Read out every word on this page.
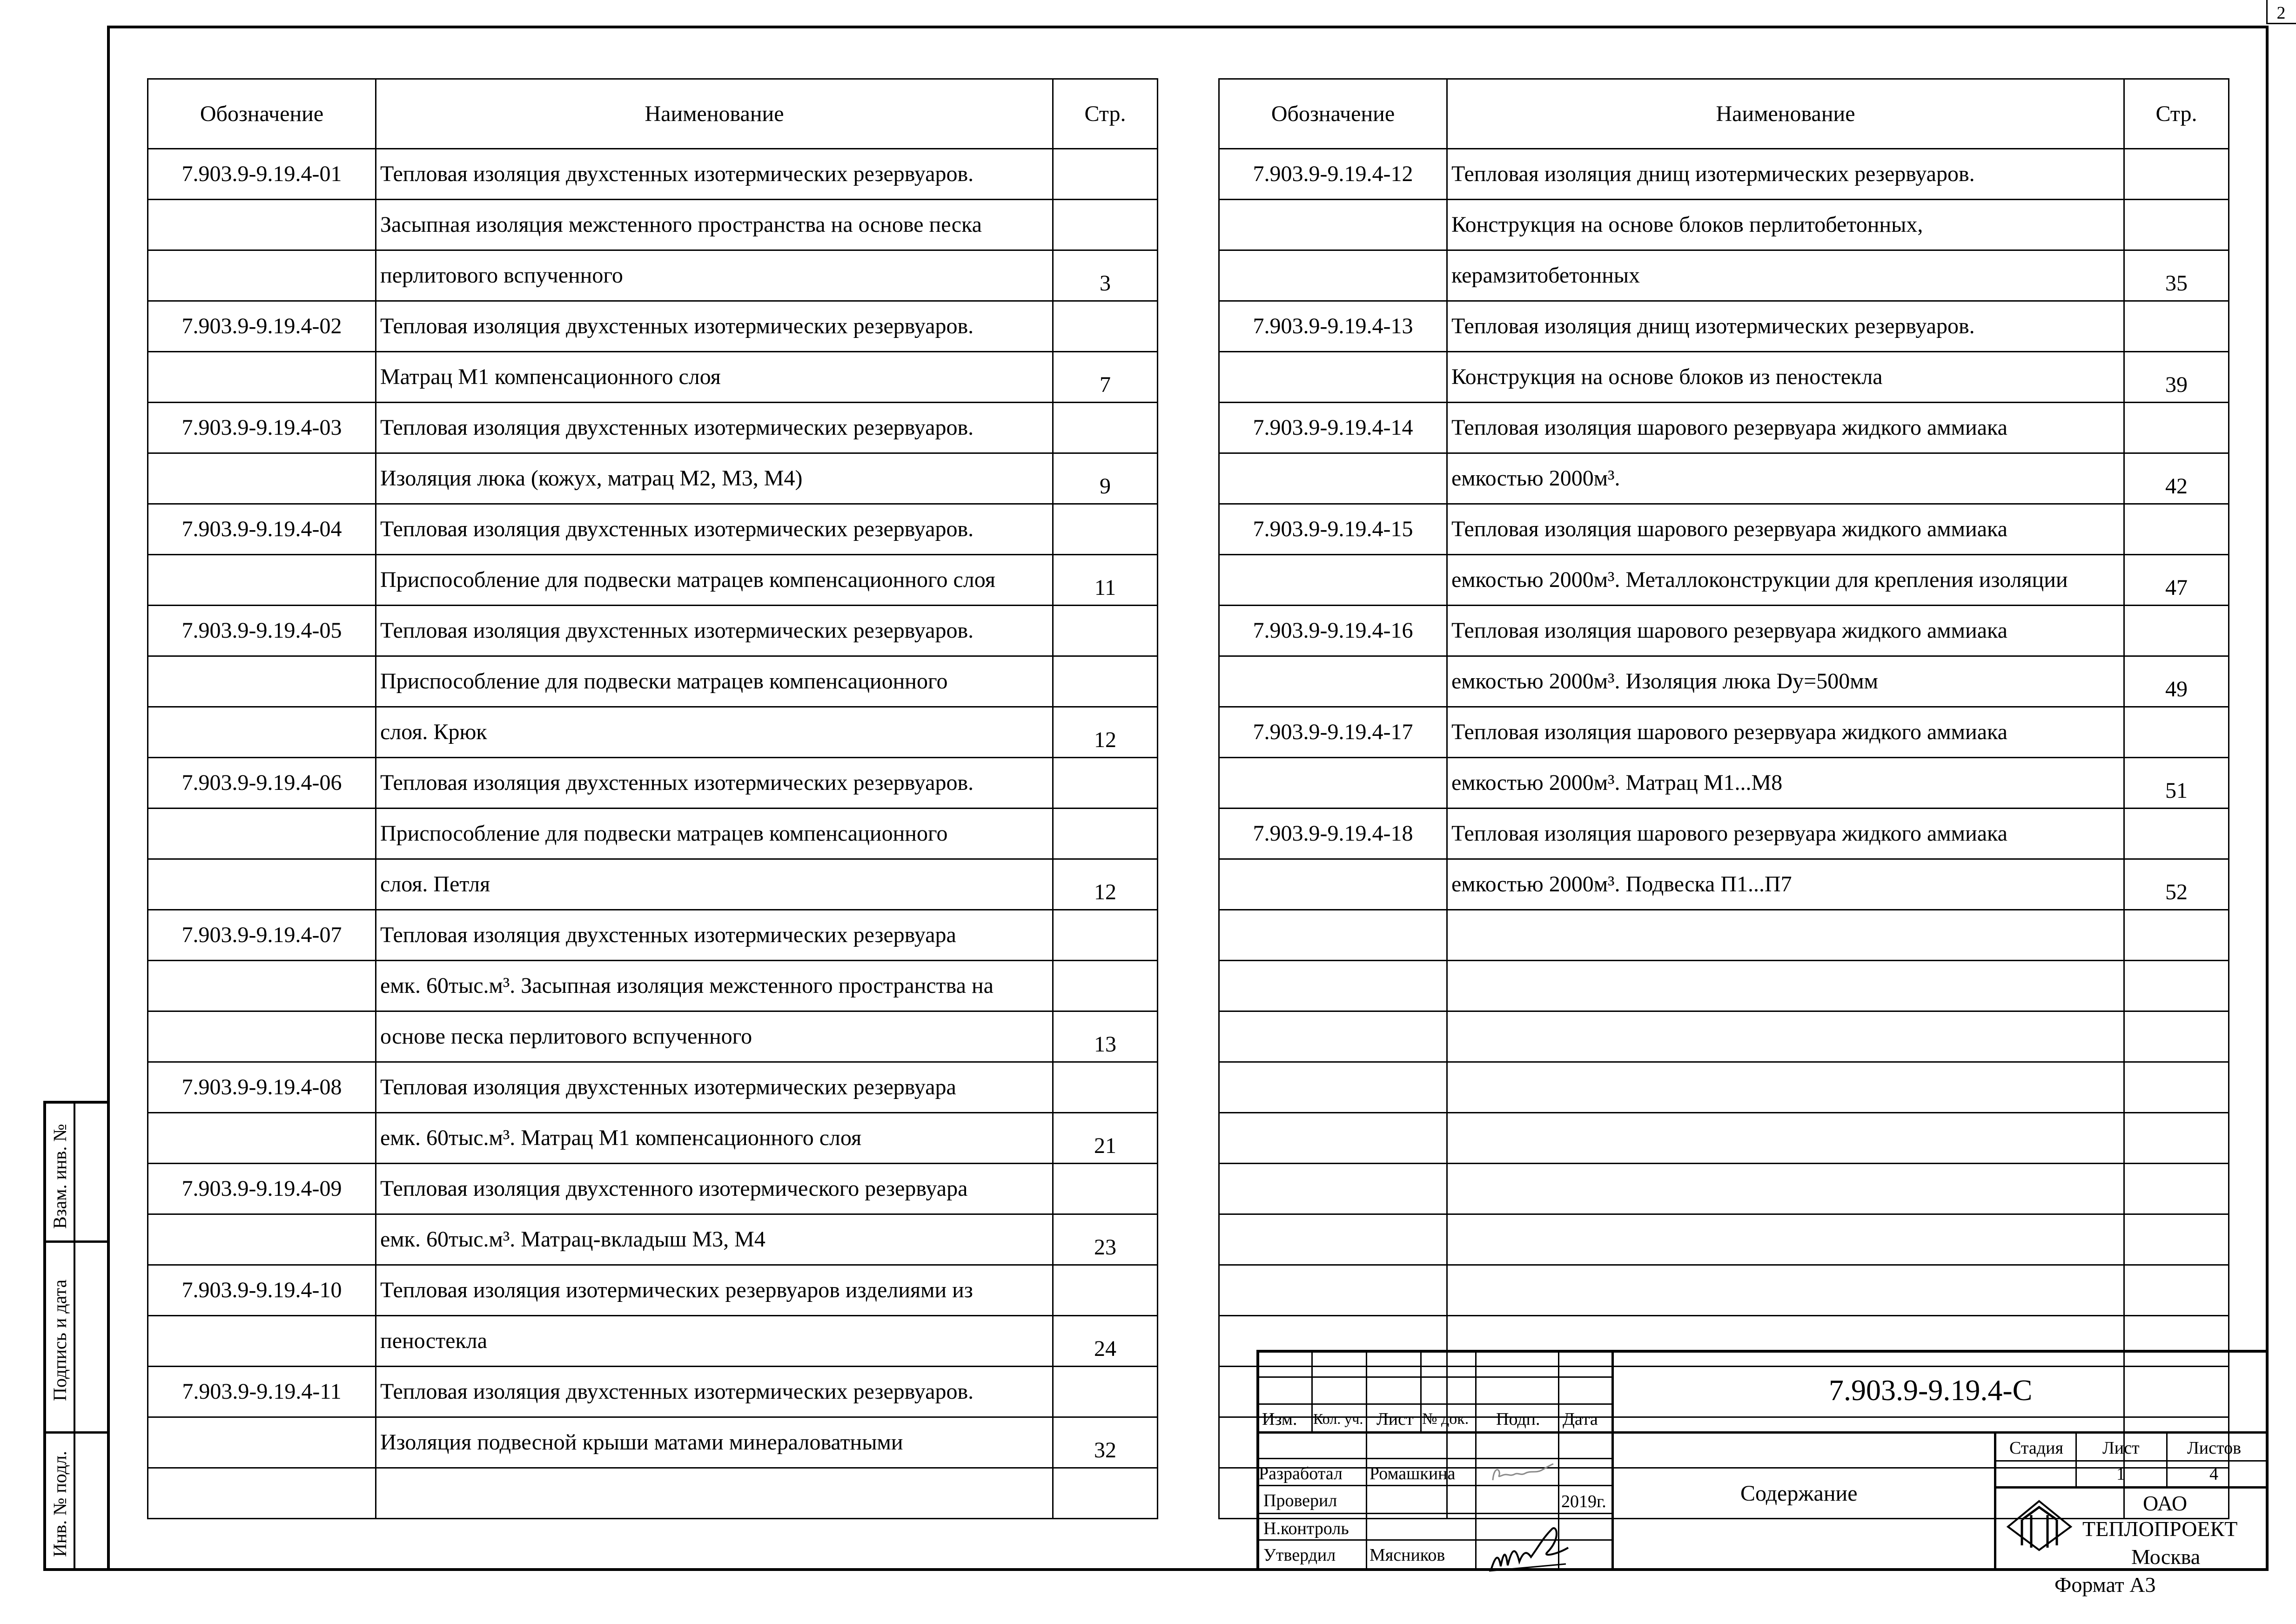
2
Обозначение	Наименование	Стр.
7.903.9-9.19.4-01	Тепловая изоляция двухстенных изотермических резервуаров.	
	Засыпная изоляция межстенного пространства на основе песка	
	перлитового вспученного	3
7.903.9-9.19.4-02	Тепловая изоляция двухстенных изотермических резервуаров.	
	Матрац М1 компенсационного слоя	7
7.903.9-9.19.4-03	Тепловая изоляция двухстенных изотермических резервуаров.	
	Изоляция люка (кожух, матрац М2, М3, М4)	9
7.903.9-9.19.4-04	Тепловая изоляция двухстенных изотермических резервуаров.	
	Приспособление для подвески матрацев компенсационного слоя	11
7.903.9-9.19.4-05	Тепловая изоляция двухстенных изотермических резервуаров.	
	Приспособление для подвески матрацев компенсационного	
	слоя. Крюк	12
7.903.9-9.19.4-06	Тепловая изоляция двухстенных изотермических резервуаров.	
	Приспособление для подвески матрацев компенсационного	
	слоя. Петля	12
7.903.9-9.19.4-07	Тепловая изоляция двухстенных изотермических резервуара	
	емк. 60тыс.м³. Засыпная изоляция межстенного пространства на	
	основе песка перлитового вспученного	13
7.903.9-9.19.4-08	Тепловая изоляция двухстенных изотермических резервуара	
	емк. 60тыс.м³. Матрац М1 компенсационного слоя	21
7.903.9-9.19.4-09	Тепловая изоляция двухстенного изотермического резервуара	
	емк. 60тыс.м³. Матрац-вкладыш М3, М4	23
7.903.9-9.19.4-10	Тепловая изоляция изотермических резервуаров изделиями из	
	пеностекла	24
7.903.9-9.19.4-11	Тепловая изоляция двухстенных изотермических резервуаров.	
	Изоляция подвесной крыши матами минераловатными	32

Обозначение	Наименование	Стр.
7.903.9-9.19.4-12	Тепловая изоляция днищ изотермических резервуаров.	
	Конструкция на основе блоков перлитобетонных,	
	керамзитобетонных	35
7.903.9-9.19.4-13	Тепловая изоляция днищ изотермических резервуаров.	
	Конструкция на основе блоков из пеностекла	39
7.903.9-9.19.4-14	Тепловая изоляция шарового резервуара жидкого аммиака	
	емкостью 2000м³.	42
7.903.9-9.19.4-15	Тепловая изоляция шарового резервуара жидкого аммиака	
	емкостью 2000м³. Металлоконструкции для крепления изоляции	47
7.903.9-9.19.4-16	Тепловая изоляция шарового резервуара жидкого аммиака	
	емкостью 2000м³. Изоляция люка Dy=500мм	49
7.903.9-9.19.4-17	Тепловая изоляция шарового резервуара жидкого аммиака	
	емкостью 2000м³. Матрац М1...М8	51
7.903.9-9.19.4-18	Тепловая изоляция шарового резервуара жидкого аммиака	
	емкостью 2000м³. Подвеска П1...П7	52

Взам. инв. №
Подпись и дата
Инв. № подл.
Изм. Кол. уч. Лист № док. Подп. Дата
Разработал Ромашкина
Проверил	2019г.
Н.контроль
Утвердил Мясников
7.903.9-9.19.4-С
Содержание
Стадия Лист	Листов
1	4
ОАО
ТЕПЛОПРОЕКТ
Москва
Формат А3
